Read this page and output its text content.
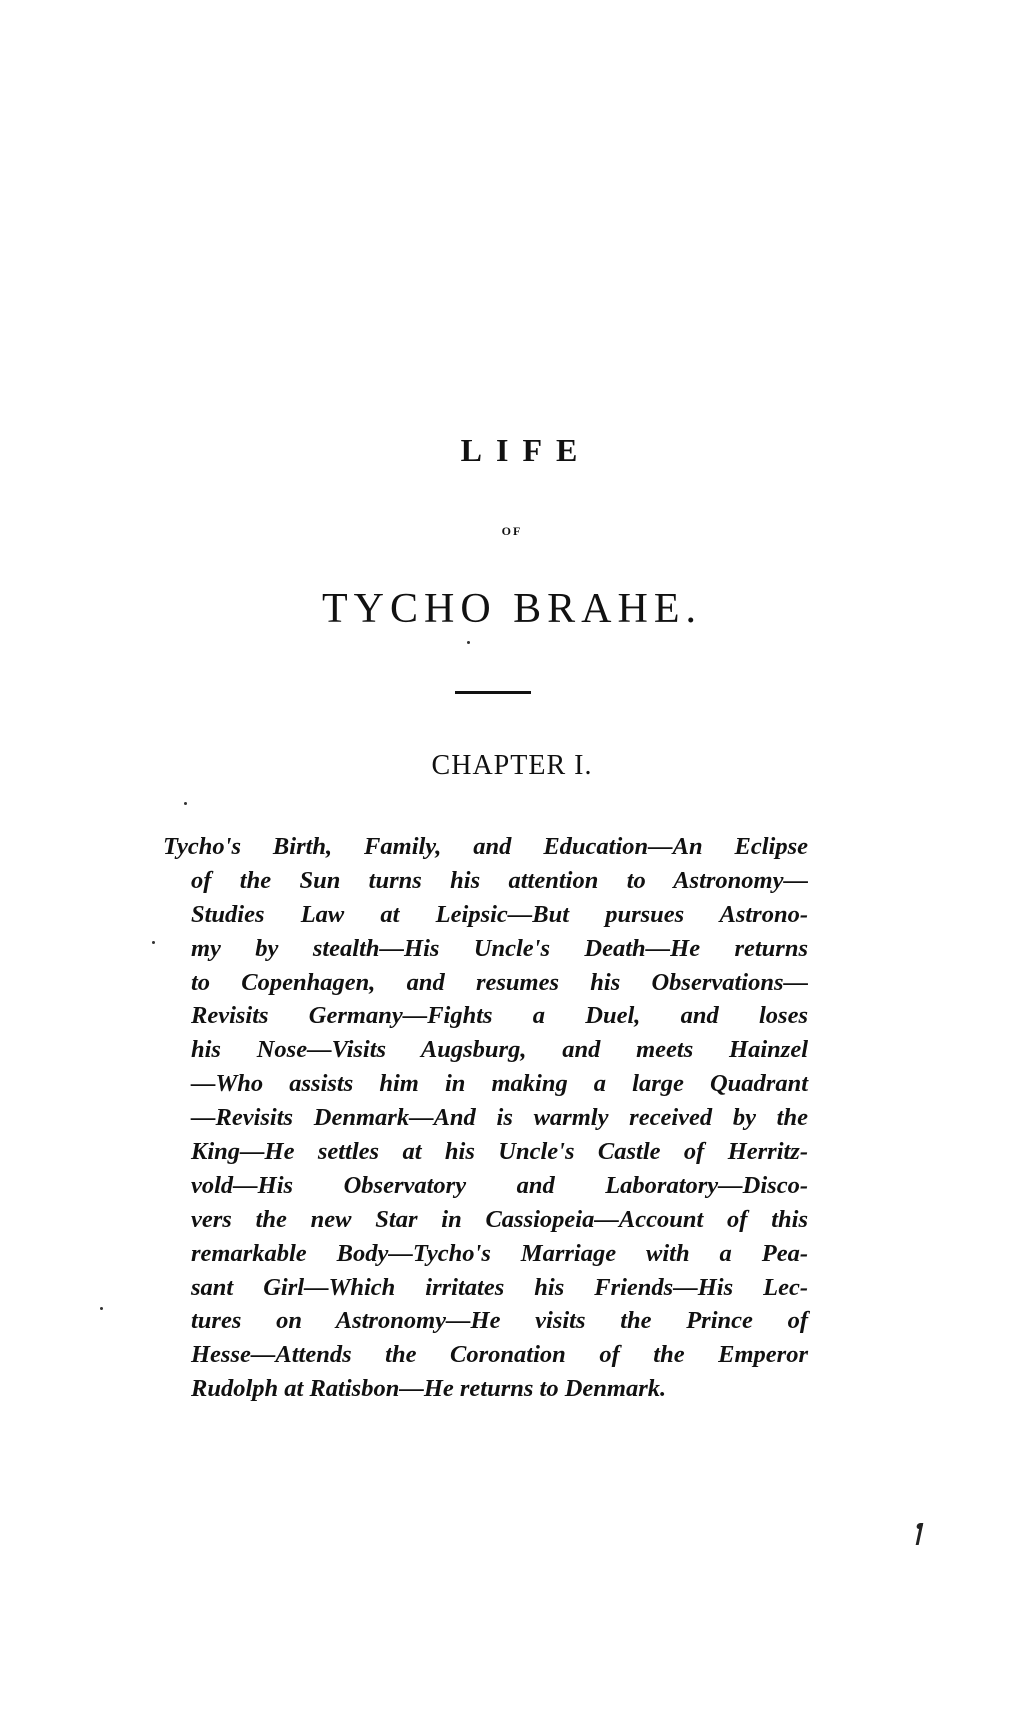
LIFE
OF
TYCHO BRAHE.
CHAPTER I.
Tycho's Birth, Family, and Education—An Eclipse
of the Sun turns his attention to Astronomy—
Studies Law at Leipsic—But pursues Astrono-
my by stealth—His Uncle's Death—He returns
to Copenhagen, and resumes his Observations—
Revisits Germany—Fights a Duel, and loses
his Nose—Visits Augsburg, and meets Hainzel
—Who assists him in making a large Quadrant
—Revisits Denmark—And is warmly received by the
King—He settles at his Uncle's Castle of Herritz-
vold—His Observatory and Laboratory—Disco-
vers the new Star in Cassiopeia—Account of this
remarkable Body—Tycho's Marriage with a Pea-
sant Girl—Which irritates his Friends—His Lec-
tures on Astronomy—He visits the Prince of
Hesse—Attends the Coronation of the Emperor
Rudolph at Ratisbon—He returns to Denmark.
